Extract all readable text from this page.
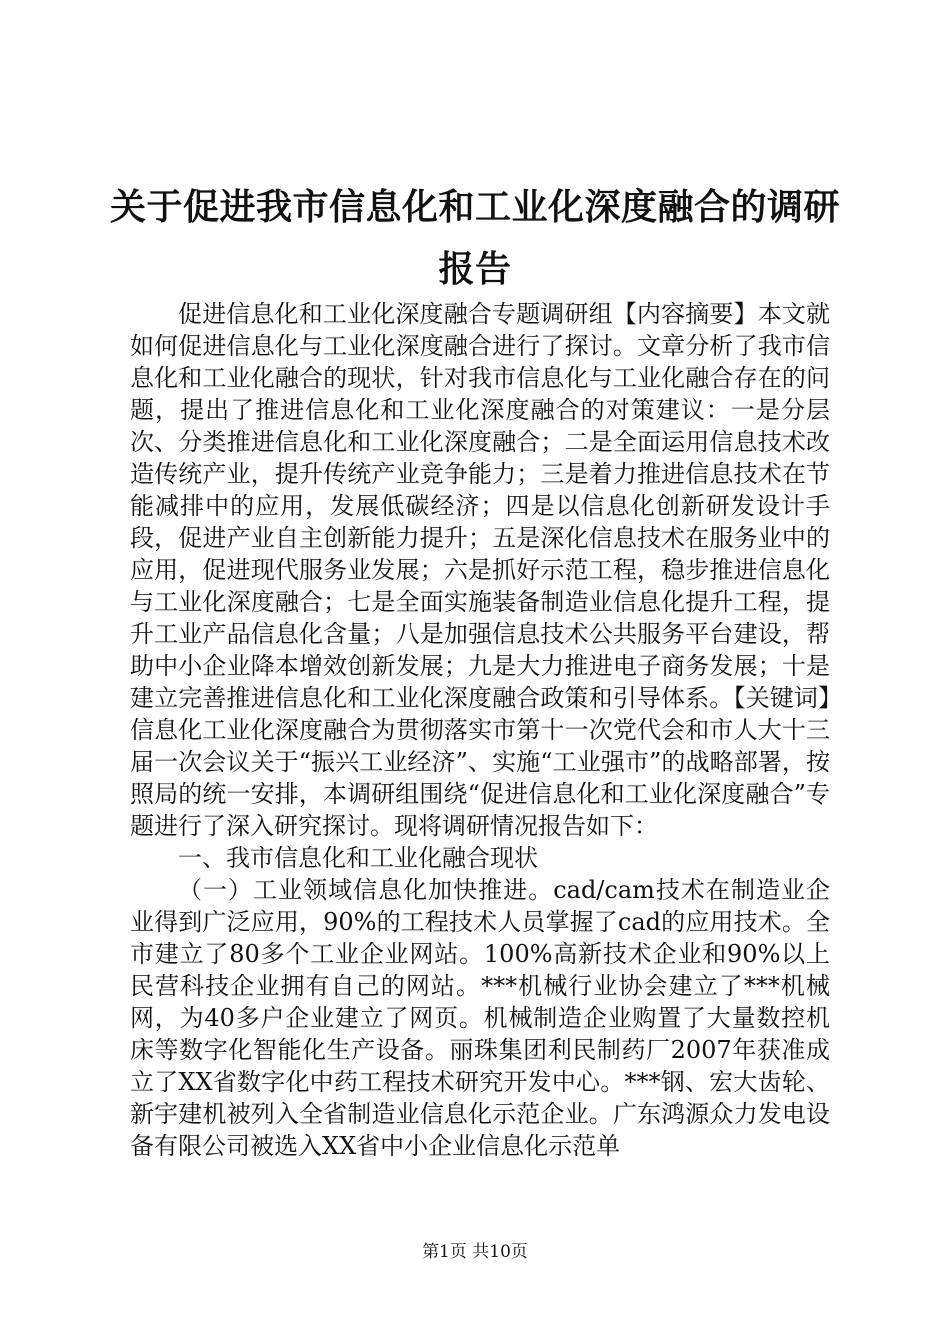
关于促进我市信息化和工业化深度融合的调研
报告

促进信息化和工业化深度融合专题调研组【内容摘要】本文就如何促进信息化与工业化深度融合进行了探讨。文章分析了我市信息化和工业化融合的现状，针对我市信息化与工业化融合存在的问题，提出了推进信息化和工业化深度融合的对策建议：一是分层次、分类推进信息化和工业化深度融合；二是全面运用信息技术改造传统产业，提升传统产业竞争能力；三是着力推进信息技术在节能减排中的应用，发展低碳经济；四是以信息化创新研发设计手段，促进产业自主创新能力提升；五是深化信息技术在服务业中的应用，促进现代服务业发展；六是抓好示范工程，稳步推进信息化与工业化深度融合；七是全面实施装备制造业信息化提升工程，提升工业产品信息化含量；八是加强信息技术公共服务平台建设，帮助中小企业降本增效创新发展；九是大力推进电子商务发展；十是建立完善推进信息化和工业化深度融合政策和引导体系。【关键词】信息化工业化深度融合为贯彻落实市第十一次党代会和市人大十三届一次会议关于“振兴工业经济”、实施“工业强市”的战略部署，按照局的统一安排，本调研组围绕“促进信息化和工业化深度融合”专题进行了深入研究探讨。现将调研情况报告如下：

一、我市信息化和工业化融合现状

（一）工业领域信息化加快推进。cad/cam技术在制造业企业得到广泛应用，90%的工程技术人员掌握了cad的应用技术。全市建立了80多个工业企业网站。100%高新技术企业和90%以上民营科技企业拥有自己的网站。***机械行业协会建立了***机械网，为40多户企业建立了网页。机械制造企业购置了大量数控机床等数字化智能化生产设备。丽珠集团利民制药厂2007年获准成立了XX省数字化中药工程技术研究开发中心。***钢、宏大齿轮、新宇建机被列入全省制造业信息化示范企业。广东鸿源众力发电设备有限公司被选入XX省中小企业信息化示范单

第1页 共10页
